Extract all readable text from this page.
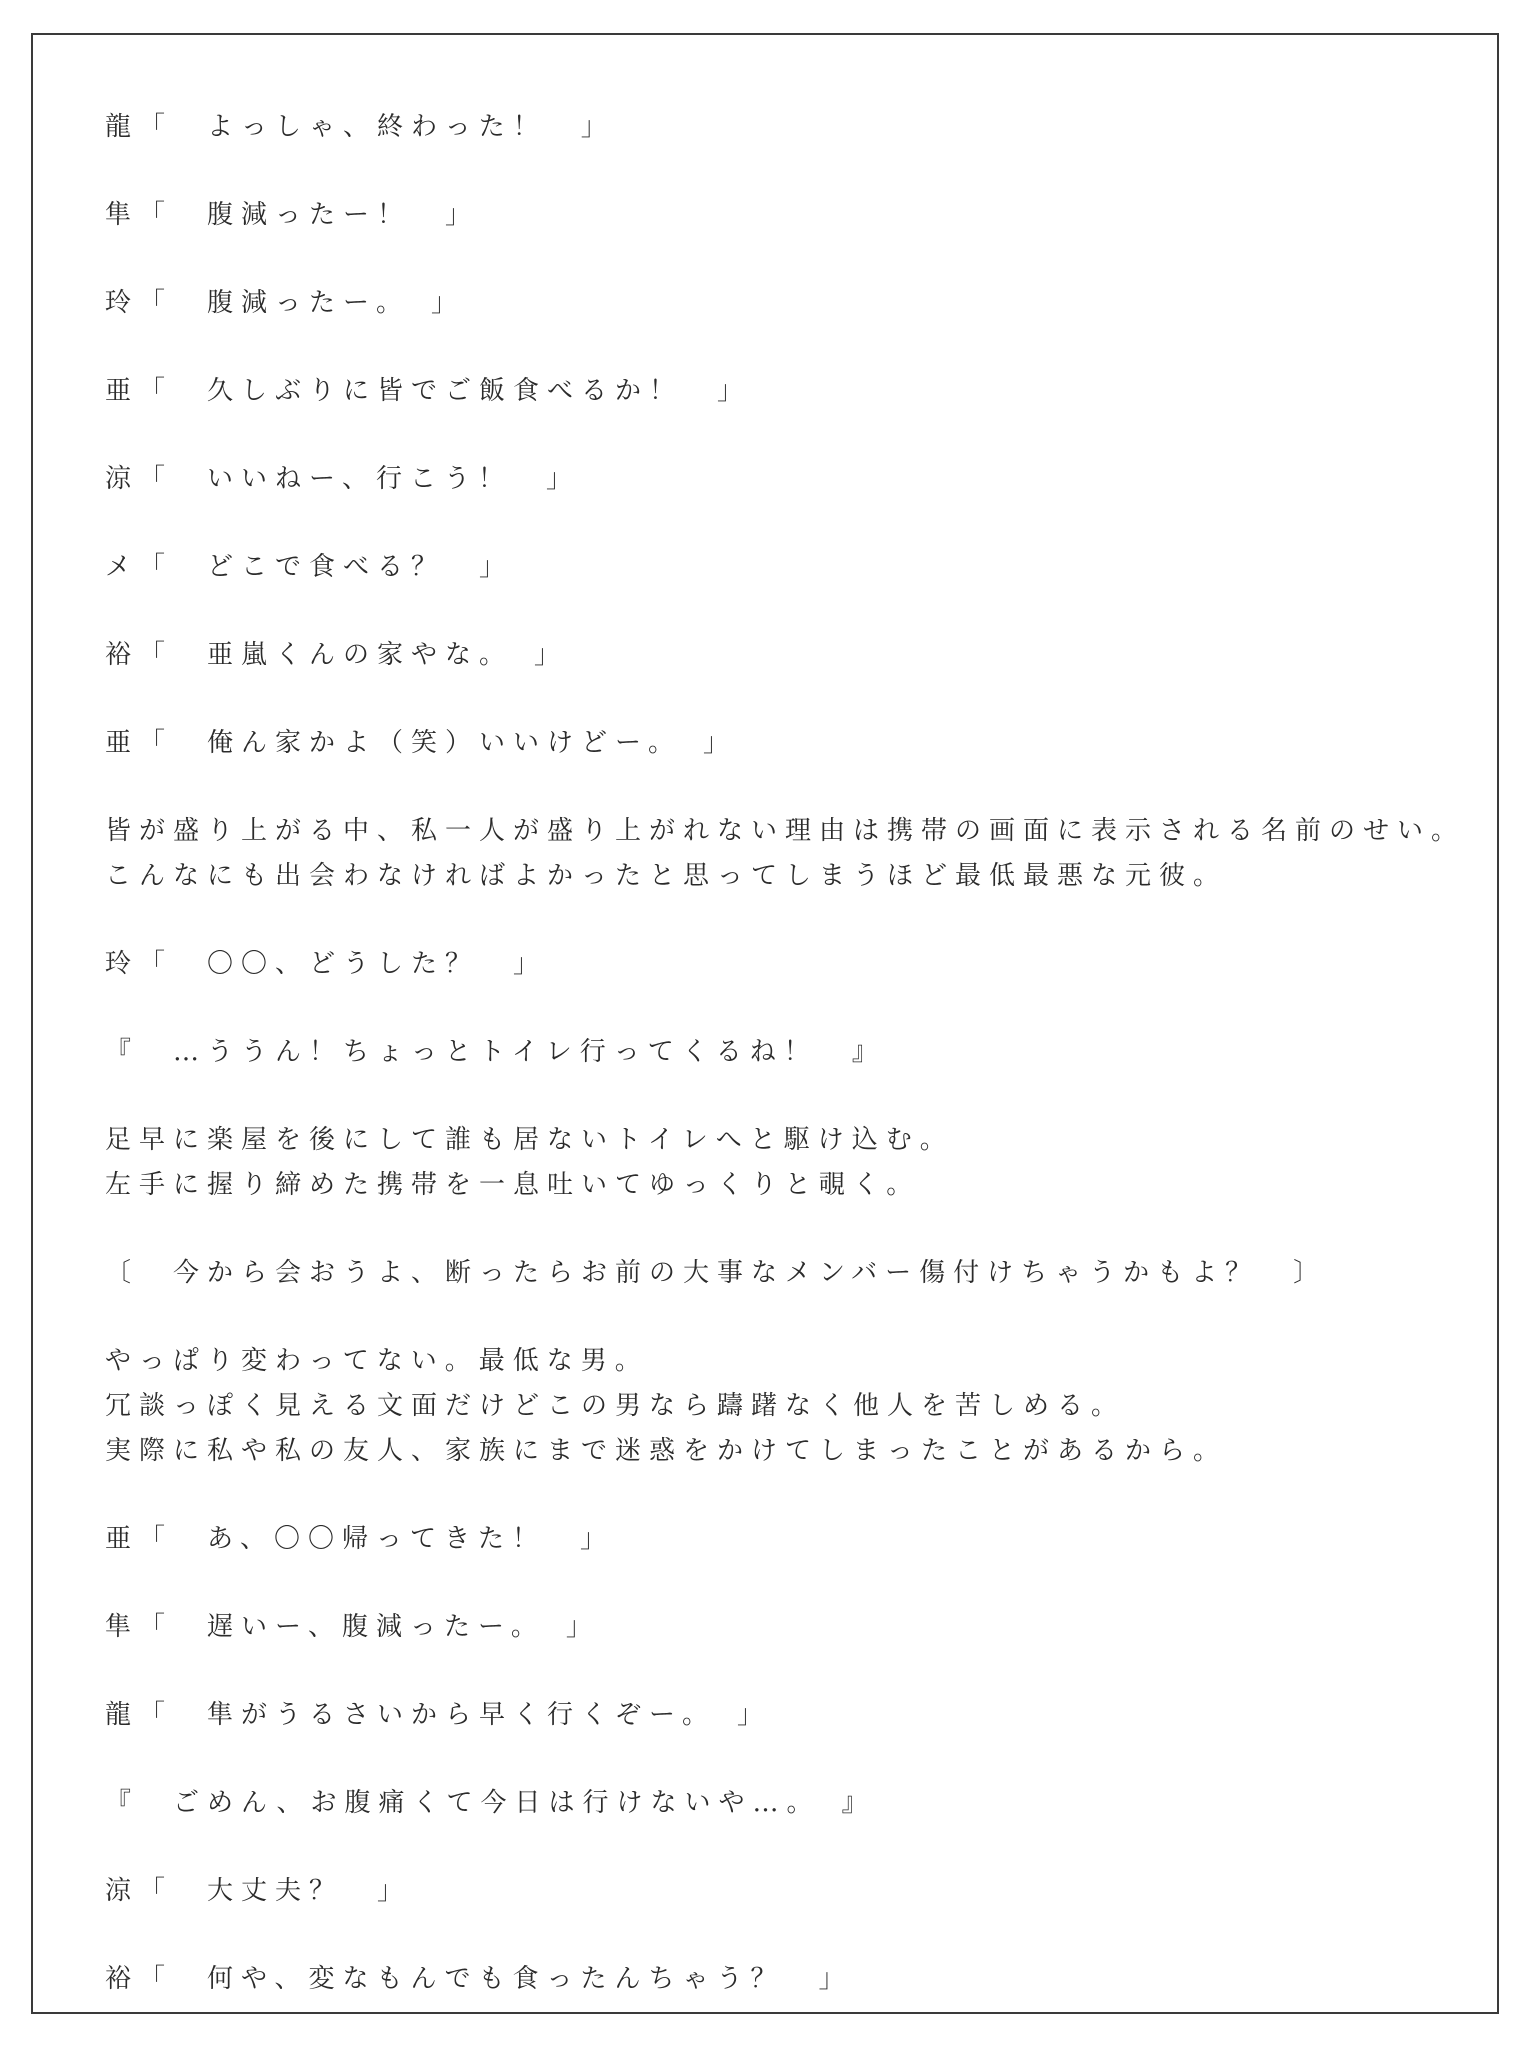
龍「　よっしゃ、終わった！　」
隼「　腹減ったー！　」
玲「　腹減ったー。　」
亜「　久しぶりに皆でご飯食べるか！　」
涼「　いいねー、行こう！　」
メ「　どこで食べる？　」
裕「　亜嵐くんの家やな。　」
亜「　俺ん家かよ（笑）いいけどー。　」
皆が盛り上がる中、私一人が盛り上がれない理由は携帯の画面に表示される名前のせい。
こんなにも出会わなければよかったと思ってしまうほど最低最悪な元彼。
玲「　〇〇、どうした？　」
『　…ううん！ちょっとトイレ行ってくるね！　』
足早に楽屋を後にして誰も居ないトイレへと駆け込む。
左手に握り締めた携帯を一息吐いてゆっくりと覗く。
〔　今から会おうよ、断ったらお前の大事なメンバー傷付けちゃうかもよ？　〕
やっぱり変わってない。最低な男。
冗談っぽく見える文面だけどこの男なら躊躇なく他人を苦しめる。
実際に私や私の友人、家族にまで迷惑をかけてしまったことがあるから。
亜「　あ、〇〇帰ってきた！　」
隼「　遅いー、腹減ったー。　」
龍「　隼がうるさいから早く行くぞー。　」
『　ごめん、お腹痛くて今日は行けないや…。　』
涼「　大丈夫？　」
裕「　何や、変なもんでも食ったんちゃう？　」
